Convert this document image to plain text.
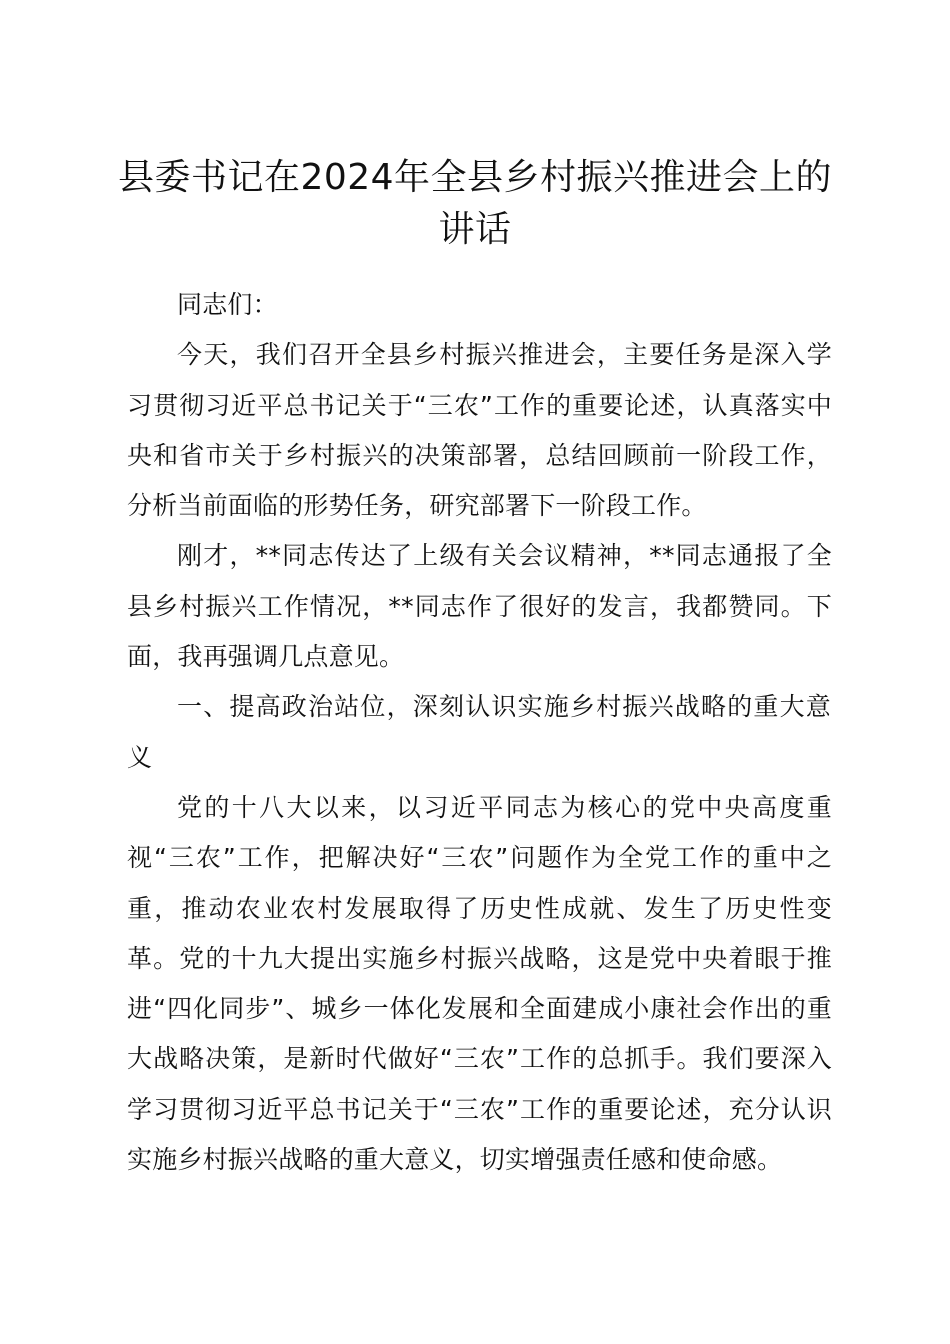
县委书记在2024年全县乡村振兴推进会上的讲话

同志们：

今天，我们召开全县乡村振兴推进会，主要任务是深入学习贯彻习近平总书记关于“三农”工作的重要论述，认真落实中央和省市关于乡村振兴的决策部署，总结回顾前一阶段工作，分析当前面临的形势任务，研究部署下一阶段工作。

刚才，**同志传达了上级有关会议精神，**同志通报了全县乡村振兴工作情况，**同志作了很好的发言，我都赞同。下面，我再强调几点意见。

一、提高政治站位，深刻认识实施乡村振兴战略的重大意义

党的十八大以来，以习近平同志为核心的党中央高度重视“三农”工作，把解决好“三农”问题作为全党工作的重中之重，推动农业农村发展取得了历史性成就、发生了历史性变革。党的十九大提出实施乡村振兴战略，这是党中央着眼于推进“四化同步”、城乡一体化发展和全面建成小康社会作出的重大战略决策，是新时代做好“三农”工作的总抓手。我们要深入学习贯彻习近平总书记关于“三农”工作的重要论述，充分认识实施乡村振兴战略的重大意义，切实增强责任感和使命感。
